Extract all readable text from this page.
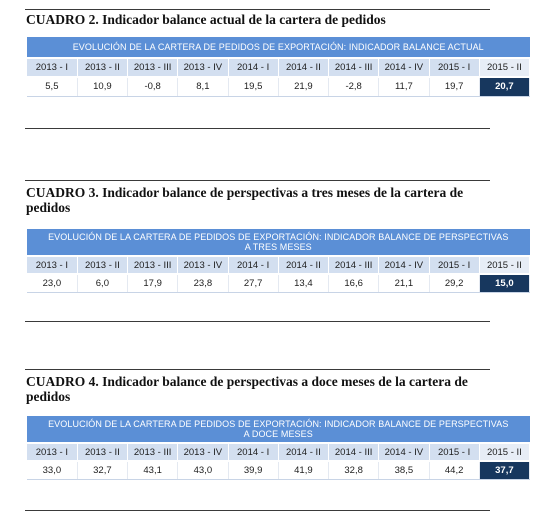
CUADRO 2. Indicador balance actual de la cartera de pedidos
EVOLUCIÓN DE LA CARTERA DE PEDIDOS DE EXPORTACIÓN: INDICADOR BALANCE ACTUAL									

2013 - I	2013 - II	2013 - III	2013 - IV	2014 - I	2014 - II	2014 - III	2014 - IV	2015 - I	2015 - II
5,5	10,9	-0,8	8,1	19,5	21,9	-2,8	11,7	19,7	20,7
CUADRO 3. Indicador balance de perspectivas a tres meses de la cartera de pedidos
EVOLUCIÓN DE LA CARTERA DE PEDIDOS DE EXPORTACIÓN: INDICADOR BALANCE DE PERSPECTIVAS
A TRES MESES									

2013 - I	2013 - II	2013 - III	2013 - IV	2014 - I	2014 - II	2014 - III	2014 - IV	2015 - I	2015 - II
23,0	6,0	17,9	23,8	27,7	13,4	16,6	21,1	29,2	15,0
CUADRO 4. Indicador balance de perspectivas a doce meses de la cartera de pedidos
EVOLUCIÓN DE LA CARTERA DE PEDIDOS DE EXPORTACIÓN: INDICADOR BALANCE DE PERSPECTIVAS
A DOCE MESES									

2013 - I	2013 - II	2013 - III	2013 - IV	2014 - I	2014 - II	2014 - III	2014 - IV	2015 - I	2015 - II
33,0	32,7	43,1	43,0	39,9	41,9	32,8	38,5	44,2	37,7
